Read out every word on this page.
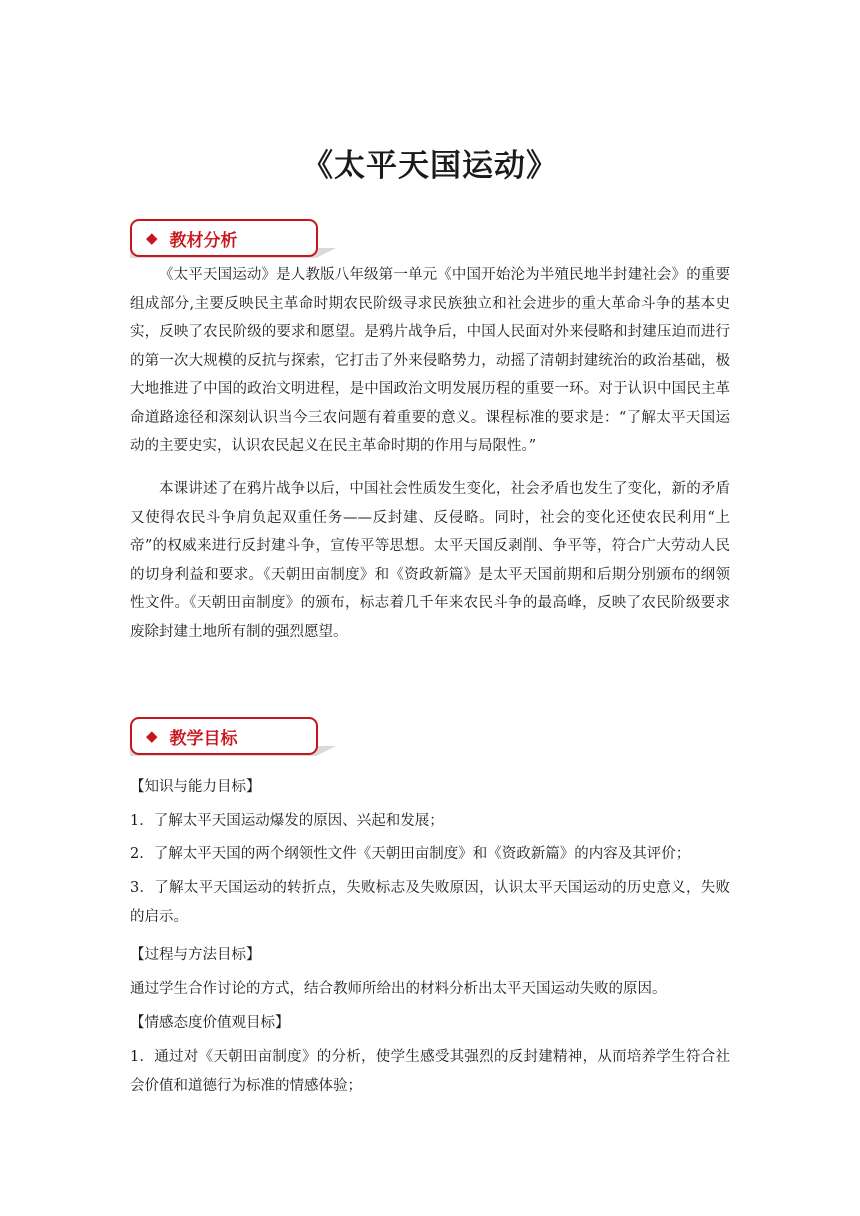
《太平天国运动》
◆ 教材分析

《太平天国运动》是人教版八年级第一单元《中国开始沦为半殖民地半封建社会》的重要组成部分,主要反映民主革命时期农民阶级寻求民族独立和社会进步的重大革命斗争的基本史实，反映了农民阶级的要求和愿望。是鸦片战争后，中国人民面对外来侵略和封建压迫而进行的第一次大规模的反抗与探索，它打击了外来侵略势力，动摇了清朝封建统治的政治基础，极大地推进了中国的政治文明进程，是中国政治文明发展历程的重要一环。对于认识中国民主革命道路途径和深刻认识当今三农问题有着重要的意义。课程标准的要求是：“了解太平天国运动的主要史实，认识农民起义在民主革命时期的作用与局限性。”

本课讲述了在鸦片战争以后，中国社会性质发生变化，社会矛盾也发生了变化，新的矛盾又使得农民斗争肩负起双重任务——反封建、反侵略。同时，社会的变化还使农民利用“上帝”的权威来进行反封建斗争，宣传平等思想。太平天国反剥削、争平等，符合广大劳动人民的切身利益和要求。《天朝田亩制度》和《资政新篇》是太平天国前期和后期分别颁布的纲领性文件。《天朝田亩制度》的颁布，标志着几千年来农民斗争的最高峰，反映了农民阶级要求废除封建土地所有制的强烈愿望。

◆ 教学目标

【知识与能力目标】

1．了解太平天国运动爆发的原因、兴起和发展；

2．了解太平天国的两个纲领性文件《天朝田亩制度》和《资政新篇》的内容及其评价；

3．了解太平天国运动的转折点，失败标志及失败原因，认识太平天国运动的历史意义，失败的启示。

【过程与方法目标】

通过学生合作讨论的方式，结合教师所给出的材料分析出太平天国运动失败的原因。

【情感态度价值观目标】

1．通过对《天朝田亩制度》的分析，使学生感受其强烈的反封建精神，从而培养学生符合社会价值和道德行为标准的情感体验；
